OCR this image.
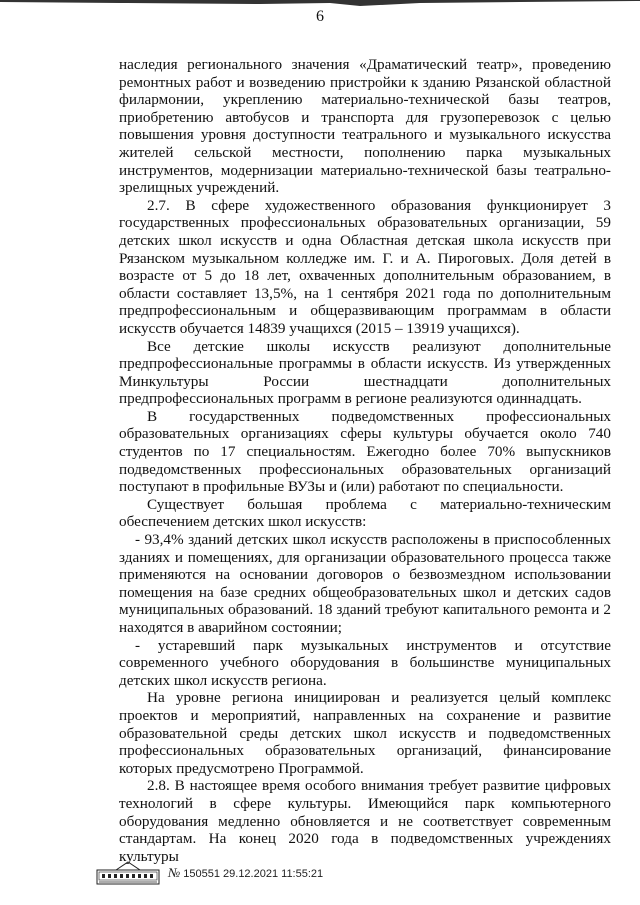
6

наследия регионального значения «Драматический театр», проведению ремонтных работ и возведению пристройки к зданию Рязанской областной филармонии, укреплению материально-технической базы театров, приобретению автобусов и транспорта для грузоперевозок с целью повышения уровня доступности театрального и музыкального искусства жителей сельской местности, пополнению парка музыкальных инструментов, модернизации материально-технической базы театрально-зрелищных учреждений.

2.7. В сфере художественного образования функционирует 3 государственных профессиональных образовательных организации, 59 детских школ искусств и одна Областная детская школа искусств при Рязанском музыкальном колледже им. Г. и А. Пироговых. Доля детей в возрасте от 5 до 18 лет, охваченных дополнительным образованием, в области составляет 13,5%, на 1 сентября 2021 года по дополнительным предпрофессиональным и общеразвивающим программам в области искусств обучается 14839 учащихся (2015 – 13919 учащихся).

Все детские школы искусств реализуют дополнительные предпрофессиональные программы в области искусств. Из утвержденных Минкультуры России шестнадцати дополнительных предпрофессиональных программ в регионе реализуются одиннадцать.

В государственных подведомственных профессиональных образовательных организациях сферы культуры обучается около 740 студентов по 17 специальностям. Ежегодно более 70% выпускников подведомственных профессиональных образовательных организаций поступают в профильные ВУЗы и (или) работают по специальности.

Существует большая проблема с материально-техническим обеспечением детских школ искусств:

- 93,4% зданий детских школ искусств расположены в приспособленных зданиях и помещениях, для организации образовательного процесса также применяются на основании договоров о безвозмездном использовании помещения на базе средних общеобразовательных школ и детских садов муниципальных образований. 18 зданий требуют капитального ремонта и 2 находятся в аварийном состоянии;

- устаревший парк музыкальных инструментов и отсутствие современного учебного оборудования в большинстве муниципальных детских школ искусств региона.

На уровне региона инициирован и реализуется целый комплекс проектов и мероприятий, направленных на сохранение и развитие образовательной среды детских школ искусств и подведомственных профессиональных образовательных организаций, финансирование которых предусмотрено Программой.

2.8. В настоящее время особого внимания требует развитие цифровых технологий в сфере культуры. Имеющийся парк компьютерного оборудования медленно обновляется и не соответствует современным стандартам. На конец 2020 года в подведомственных учреждениях культуры

№ 150551 29.12.2021 11:55:21
